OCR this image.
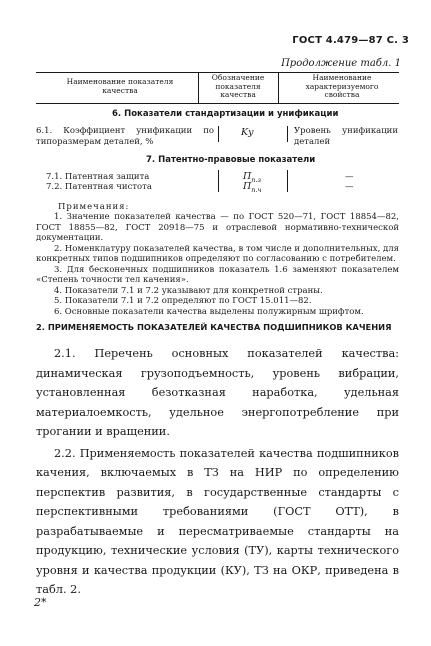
ГОСТ 4.479—87 С. 3
Продолжение табл. 1
Наименование показателя качества
Обозначение показателя качества
Наименование характеризуемого свойства
6. Показатели стандартизации и унификации
6.1. Коэффициент унификации по типоразмерам деталей, %
Kу	Уровень унификации деталей
7. Патентно-правовые показатели
7.1. Патентная защита
7.2. Патентная чистота
$П_{п.з}$
$П_{п.ч}$
—
—
Примечания:

1. Значение показателей качества — по ГОСТ 520—71, ГОСТ 18854—82, ГОСТ 18855—82, ГОСТ 20918—75 и отраслевой нормативно-технической документации.

2. Номенклатуру показателей качества, в том числе и дополнительных, для конкретных типов подшипников определяют по согласованию с потребителем.

3. Для бесконечных подшипников показатель 1.6 заменяют показателем «Степень точности тел качения».

4. Показатели 7.1 и 7.2 указывают для конкретной страны.

5. Показатели 7.1 и 7.2 определяют по ГОСТ 15.011—82.

6. Основные показатели качества выделены полужирным шрифтом.

2. ПРИМЕНЯЕМОСТЬ ПОКАЗАТЕЛЕЙ КАЧЕСТВА ПОДШИПНИКОВ КАЧЕНИЯ

2.1. Перечень основных показателей качества: динамическая грузоподъемность, уровень вибрации, установленная безотказная наработка, удельная материалоемкость, удельное энергопотребление при трогании и вращении.

2.2. Применяемость показателей качества подшипников качения, включаемых в ТЗ на НИР по определению перспектив развития, в государственные стандарты с перспективными требованиями (ГОСТ ОТТ), в разрабатываемые и пересматриваемые стандарты на продукцию, технические условия (ТУ), карты технического уровня и качества продукции (КУ), ТЗ на ОКР, приведена в табл. 2.

2*
